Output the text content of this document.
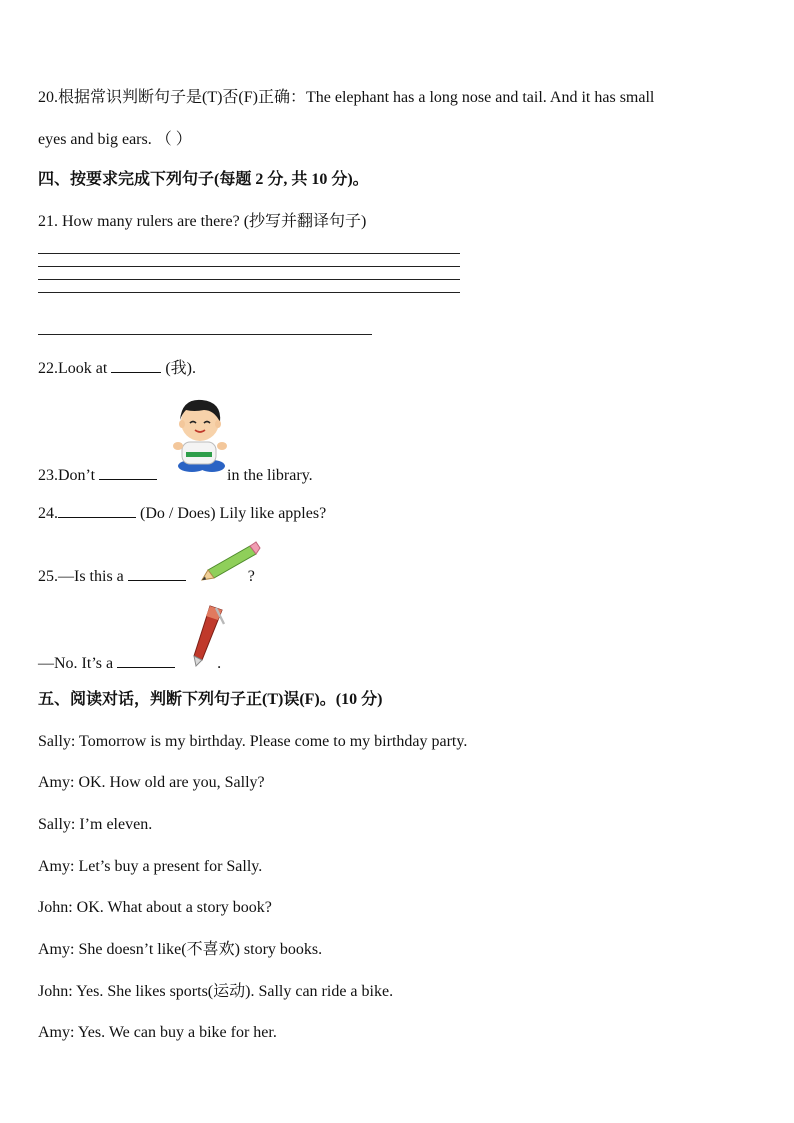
20.根据常识判断句子是(T)否(F)正确：The elephant has a long nose and tail. And it has small
eyes and big ears. （ ）
四、按要求完成下列句子(每题 2 分, 共 10 分)。
21. How many rulers are there? (抄写并翻译句子)
22.Look at	(我).
23.Don’t	in the library.
24.	(Do / Does) Lily like apples?
25.—Is this a	?
—No. It’s a	.
五、阅读对话，判断下列句子正(T)误(F)。(10 分)
Sally: Tomorrow is my birthday. Please come to my birthday party.
Amy: OK. How old are you, Sally?
Sally: I’m eleven.
Amy: Let’s buy a present for Sally.
John: OK. What about a story book?
Amy: She doesn’t like(不喜欢) story books.
John: Yes. She likes sports(运动). Sally can ride a bike.
Amy: Yes. We can buy a bike for her.
